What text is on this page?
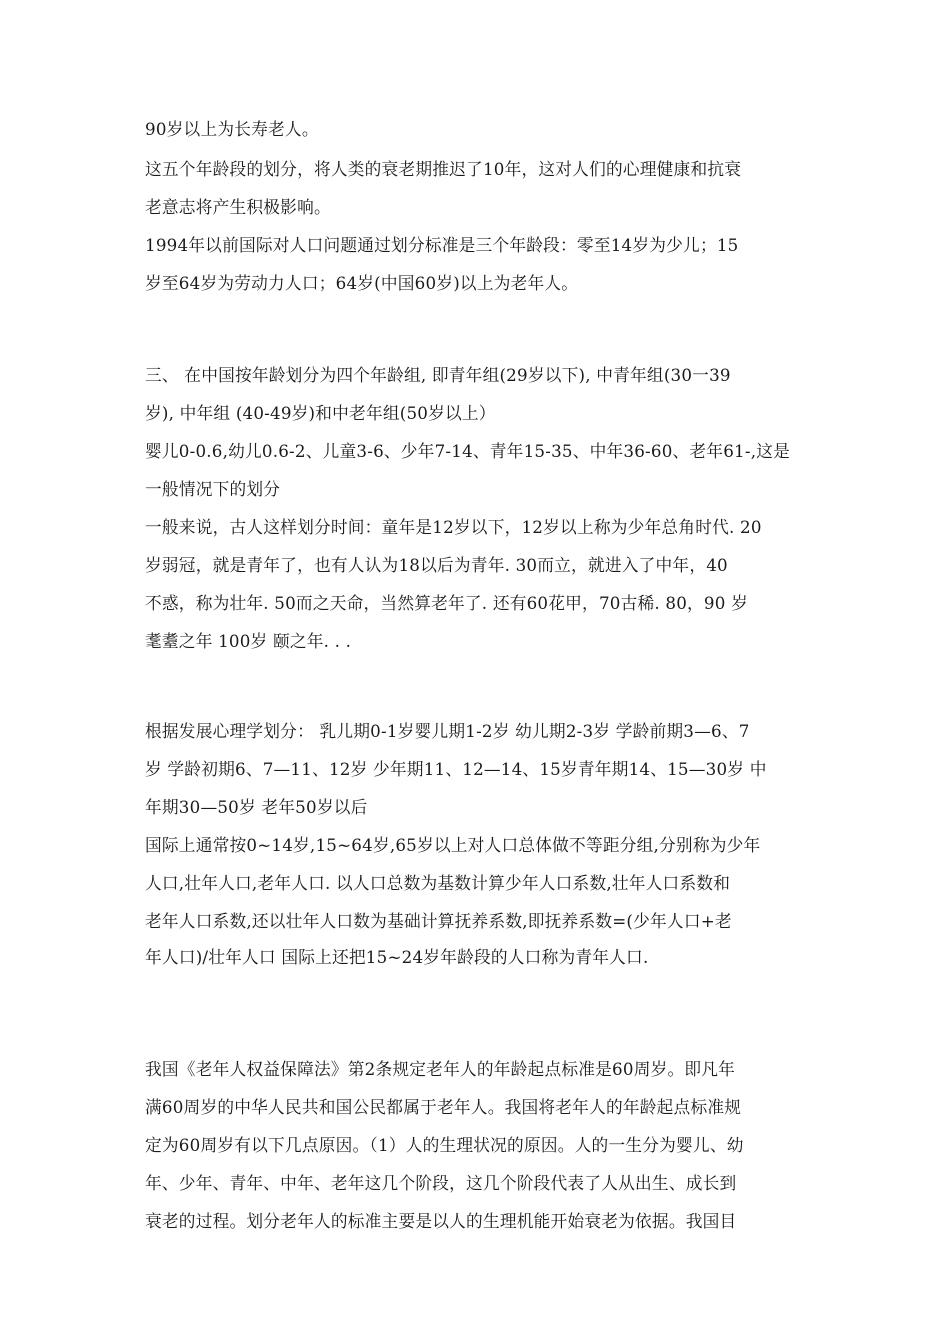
90岁以上为长寿老人。
这五个年龄段的划分，将人类的衰老期推迟了10年，这对人们的心理健康和抗衰
老意志将产生积极影响。
1994年以前国际对人口问题通过划分标准是三个年龄段：零至14岁为少儿；15
岁至64岁为劳动力人口；64岁(中国60岁)以上为老年人。
三、 在中国按年龄划分为四个年龄组, 即青年组(29岁以下), 中青年组(30一39
岁), 中年组 (40-49岁)和中老年组(50岁以上）
婴儿0-0.6,幼儿0.6-2、儿童3-6、少年7-14、青年15-35、中年36-60、老年61-,这是
一般情况下的划分
一般来说，古人这样划分时间：童年是12岁以下，12岁以上称为少年总角时代. 20
岁弱冠，就是青年了，也有人认为18以后为青年. 30而立，就进入了中年，40
不惑，称为壮年. 50而之天命，当然算老年了. 还有60花甲，70古稀. 80，90 岁
耄耋之年 100岁 颐之年. . .
根据发展心理学划分： 乳儿期0-1岁婴儿期1-2岁 幼儿期2-3岁 学龄前期3—6、7
岁 学龄初期6、7—11、12岁 少年期11、12—14、15岁青年期14、15—30岁 中
年期30—50岁 老年50岁以后
国际上通常按0~14岁,15~64岁,65岁以上对人口总体做不等距分组,分别称为少年
人口,壮年人口,老年人口. 以人口总数为基数计算少年人口系数,壮年人口系数和
老年人口系数,还以壮年人口数为基础计算抚养系数,即抚养系数=(少年人口+老
年人口)/壮年人口 国际上还把15~24岁年龄段的人口称为青年人口.
我国《老年人权益保障法》第2条规定老年人的年龄起点标准是60周岁。即凡年
满60周岁的中华人民共和国公民都属于老年人。我国将老年人的年龄起点标准规
定为60周岁有以下几点原因。（1）人的生理状况的原因。人的一生分为婴儿、幼
年、少年、青年、中年、老年这几个阶段，这几个阶段代表了人从出生、成长到
衰老的过程。划分老年人的标准主要是以人的生理机能开始衰老为依据。我国目
